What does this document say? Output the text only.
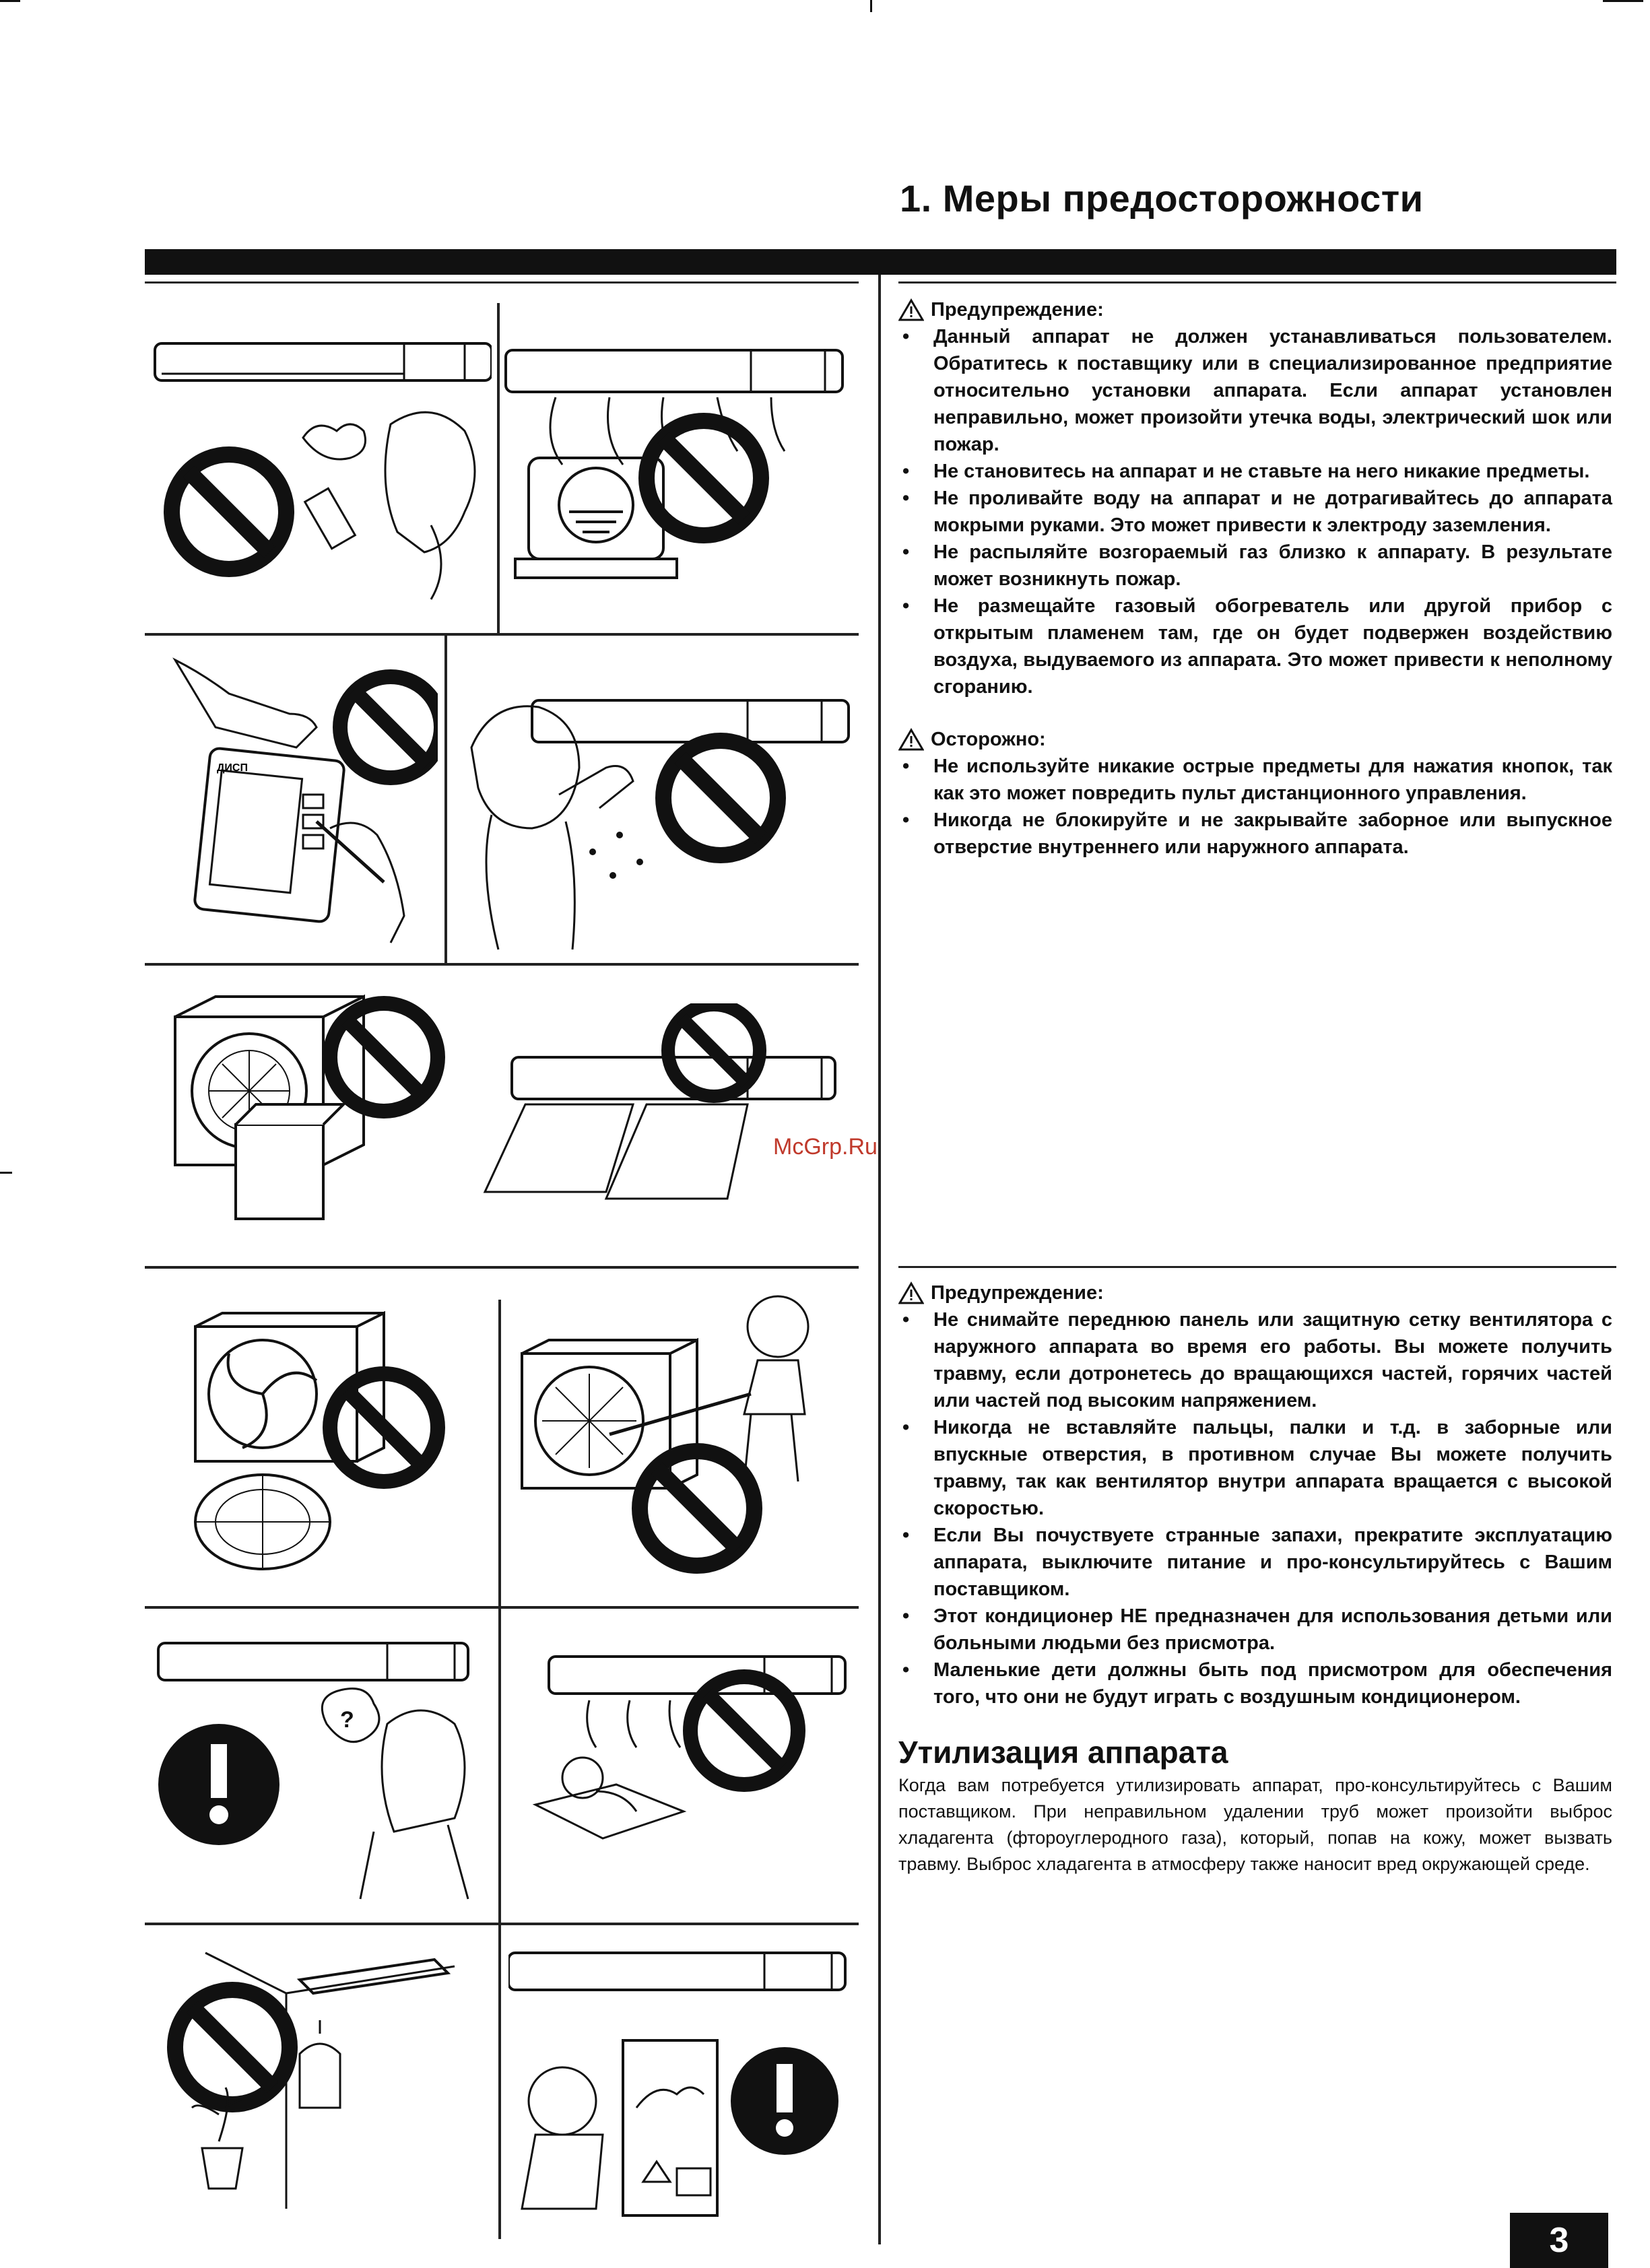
1. Меры предосторожности
ДИСП
?

Предупреждение:

• Данный аппарат не должен устанавливаться пользователем. Обратитесь к поставщику или в специализированное предприятие относительно установки аппарата. Если аппарат установлен неправильно, может произойти утечка воды, электрический шок или пожар.
• Не становитесь на аппарат и не ставьте на него никакие предметы.
• Не проливайте воду на аппарат и не дотрагивайтесь до аппарата мокрыми руками. Это может привести к электроду заземления.
• Не распыляйте возгораемый газ близко к аппарату. В результате может возникнуть пожар.
• Не размещайте газовый обогреватель или другой прибор с открытым пламенем там, где он будет подвержен воздействию воздуха, выдуваемого из аппарата. Это может привести к неполному сгоранию.

Осторожно:

• Не используйте никакие острые предметы для нажатия кнопок, так как это может повредить пульт дистанционного управления.
• Никогда не блокируйте и не закрывайте заборное или выпускное отверстие внутреннего или наружного аппарата.
McGrp.Ru

Предупреждение:

• Не снимайте переднюю панель или защитную сетку вентилятора с наружного аппарата во время его работы. Вы можете получить травму, если дотронетесь до вращающихся частей, горячих частей или частей под высоким напряжением.
• Никогда не вставляйте пальцы, палки и т.д. в заборные или впускные отверстия, в противном случае Вы можете получить травму, так как вентилятор внутри аппарата вращается с высокой скоростью.
• Если Вы почуствуете странные запахи, прекратите эксплуатацию аппарата, выключите питание и про-консультируйтесь с Вашим поставщиком.
• Этот кондиционер НЕ предназначен для использования детьми или больными людьми без присмотра.
• Маленькие дети должны быть под присмотром для обеспечения того, что они не будут играть с воздушным кондиционером.

Утилизация аппарата

Когда вам потребуется утилизировать аппарат, про-консультируйтесь с Вашим поставщиком. При неправильном удалении труб может произойти выброс хладагента (фтороуглеродного газа), который, попав на кожу, может вызвать травму. Выброс хладагента в атмосферу также наносит вред окружающей среде.

3
